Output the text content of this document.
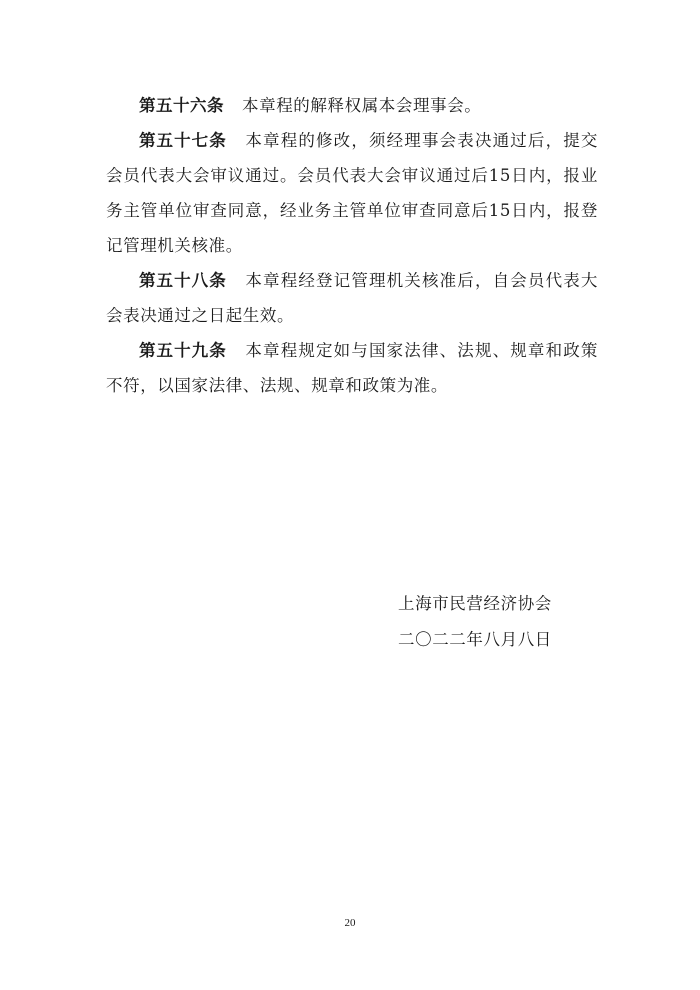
第五十六条 本章程的解释权属本会理事会。

第五十七条 本章程的修改，须经理事会表决通过后，提交会员代表大会审议通过。会员代表大会审议通过后15日内，报业务主管单位审查同意，经业务主管单位审查同意后15日内，报登记管理机关核准。

第五十八条 本章程经登记管理机关核准后，自会员代表大会表决通过之日起生效。

第五十九条 本章程规定如与国家法律、法规、规章和政策不符，以国家法律、法规、规章和政策为准。

上海市民营经济协会
二〇二二年八月八日
20
